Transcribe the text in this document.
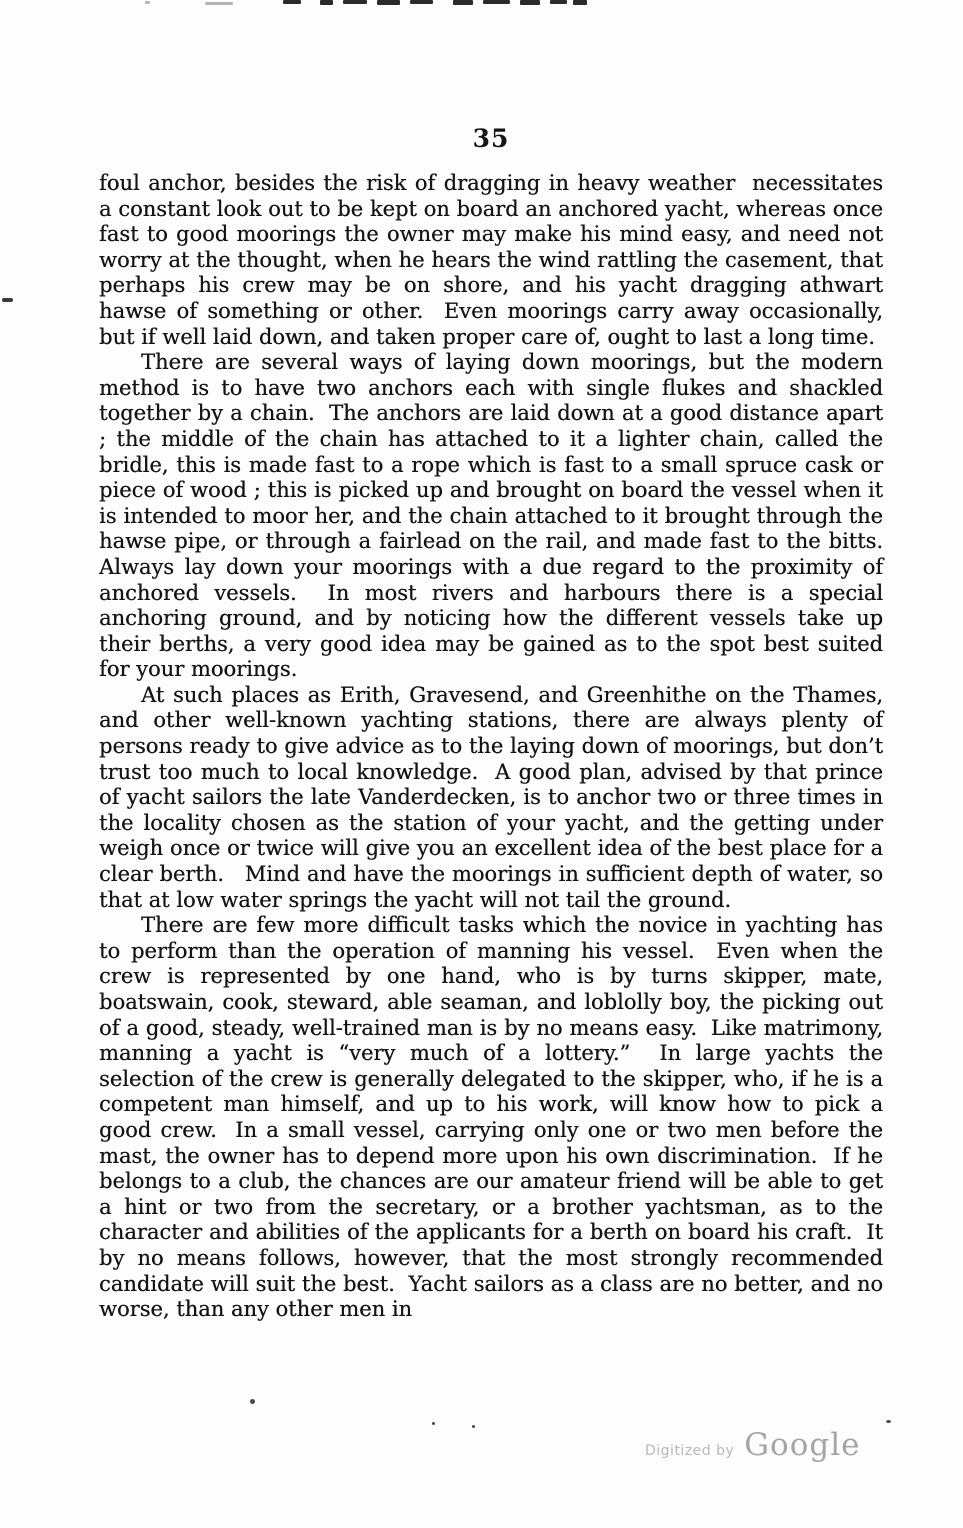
35

foul anchor, besides the risk of dragging in heavy weather  necessitates a constant look out to be kept on board an anchored yacht, whereas once fast to good moorings the owner may make his mind easy, and need not worry at the thought, when he hears the wind rattling the casement, that perhaps his crew may be on shore, and his yacht dragging athwart hawse of something or other.  Even moorings carry away occasionally, but if well laid down, and taken proper care of, ought to last a long time.

There are several ways of laying down moorings, but the modern method is to have two anchors each with single flukes and shackled together by a chain.  The anchors are laid down at a good distance apart ; the middle of the chain has attached to it a lighter chain, called the bridle, this is made fast to a rope which is fast to a small spruce cask or piece of wood ; this is picked up and brought on board the vessel when it is intended to moor her, and the chain attached to it brought through the hawse pipe, or through a fairlead on the rail, and made fast to the bitts.  Always lay down your moorings with a due regard to the proximity of anchored vessels.  In most rivers and harbours there is a special anchoring ground, and by noticing how the different vessels take up their berths, a very good idea may be gained as to the spot best suited for your moorings.

At such places as Erith, Gravesend, and Greenhithe on the Thames, and other well-known yachting stations, there are always plenty of persons ready to give advice as to the laying down of moorings, but don’t trust too much to local knowledge.  A good plan, advised by that prince of yacht sailors the late Vanderdecken, is to anchor two or three times in the locality chosen as the station of your yacht, and the getting under weigh once or twice will give you an excellent idea of the best place for a clear berth.   Mind and have the moorings in sufficient depth of water, so that at low water springs the yacht will not tail the ground.

There are few more difficult tasks which the novice in yachting has to perform than the operation of manning his vessel.  Even when the crew is represented by one hand, who is by turns skipper, mate, boatswain, cook, steward, able seaman, and loblolly boy, the picking out of a good, steady, well-trained man is by no means easy.  Like matrimony, manning a yacht is “very much of a lottery.”  In large yachts the selection of the crew is generally delegated to the skipper, who, if he is a competent man himself, and up to his work, will know how to pick a good crew.  In a small vessel, carrying only one or two men before the mast, the owner has to depend more upon his own discrimination.  If he belongs to a club, the chances are our amateur friend will be able to get a hint or two from the secretary, or a brother yachtsman, as to the character and abilities of the applicants for a berth on board his craft.  It by no means follows, however, that the most strongly recommended candidate will suit the best.  Yacht sailors as a class are no better, and no worse, than any other men in

Digitized by Google
